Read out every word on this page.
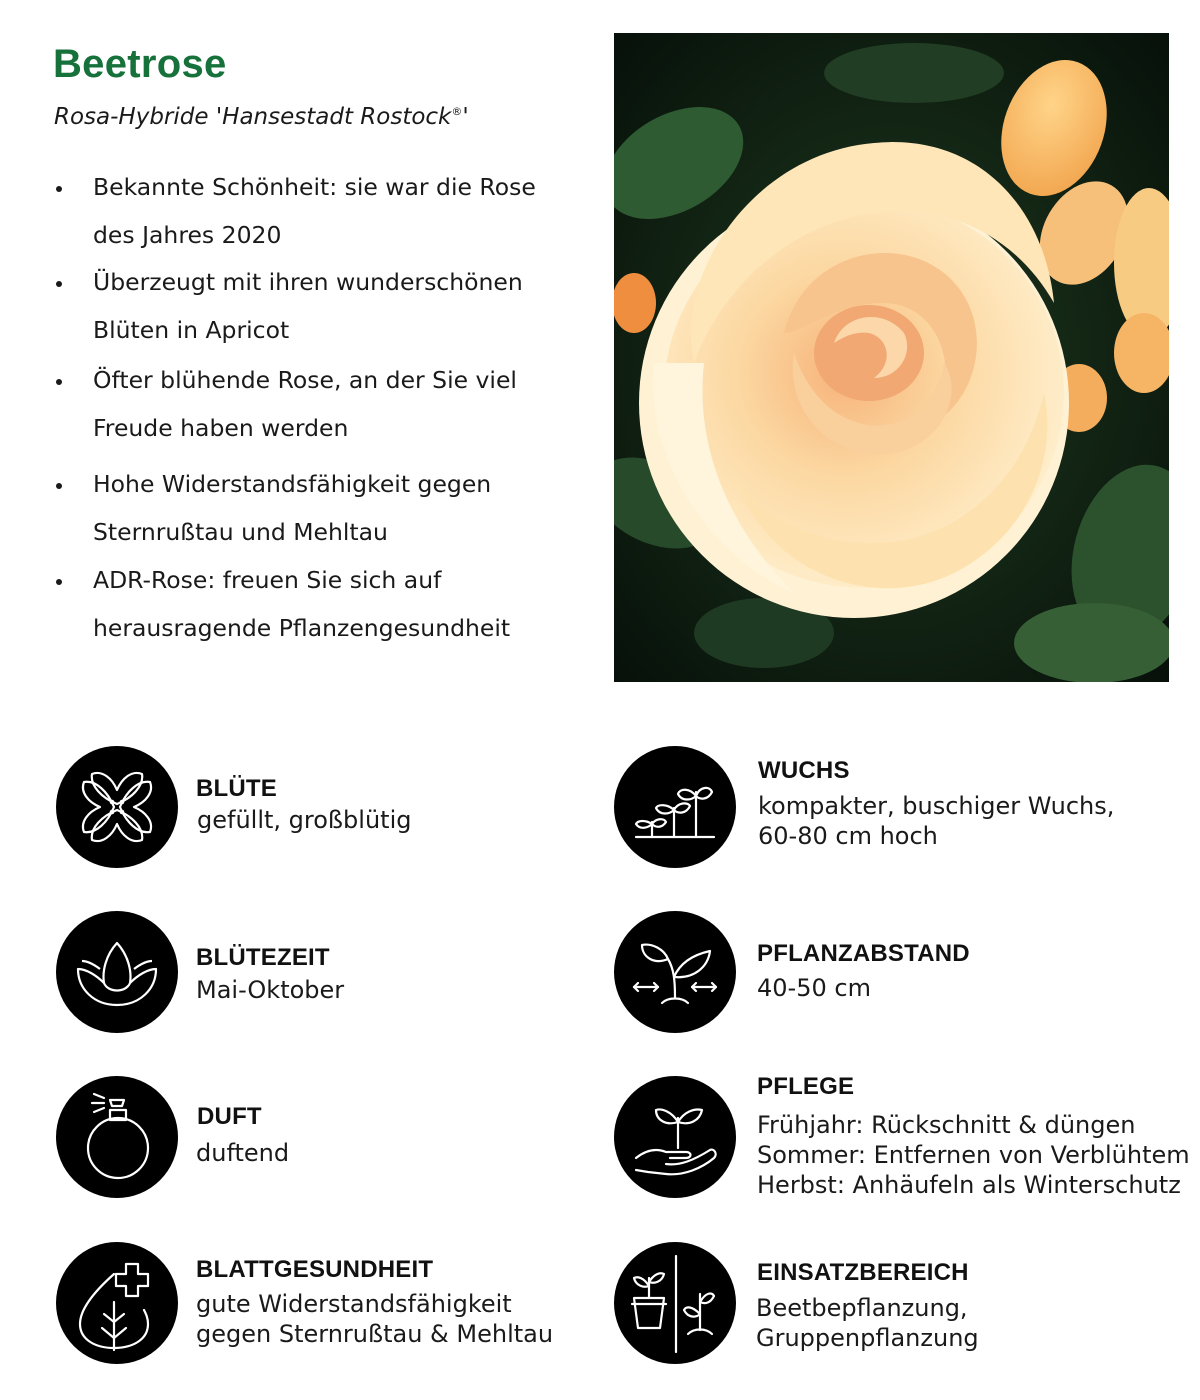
Beetrose

Rosa-Hybride 'Hansestadt Rostock®'

Bekannte Schönheit: sie war die Rose des Jahres 2020
Überzeugt mit ihren wunderschönen Blüten in Apricot
Öfter blühende Rose, an der Sie viel Freude haben werden
Hohe Widerstandsfähigkeit gegen Sternrußtau und Mehltau
ADR-Rose: freuen Sie sich auf herausragende Pflanzengesundheit
BLÜTE
gefüllt, großblütig
WUCHS
kompakter, buschiger Wuchs,
60-80 cm hoch
BLÜTEZEIT
Mai-Oktober
PFLANZABSTAND
40-50 cm
DUFT
duftend
PFLEGE
Frühjahr: Rückschnitt & düngen
Sommer: Entfernen von Verblühtem
Herbst: Anhäufeln als Winterschutz
BLATTGESUNDHEIT
gute Widerstandsfähigkeit
gegen Sternrußtau & Mehltau
EINSATZBEREICH
Beetbepflanzung,
Gruppenpflanzung
